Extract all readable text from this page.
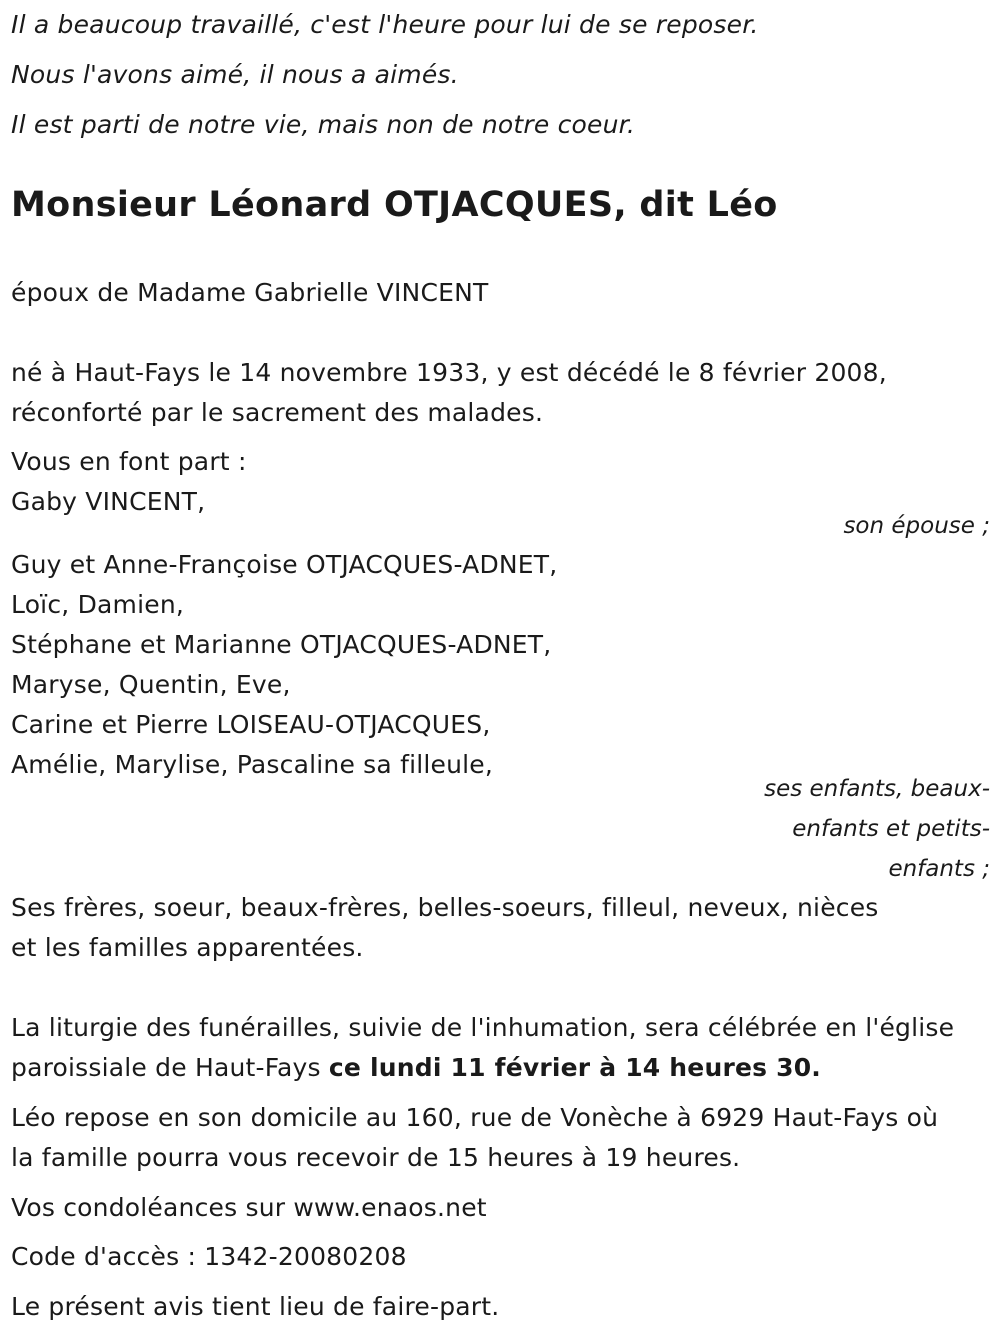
Il a beaucoup travaillé, c'est l'heure pour lui de se reposer.
Nous l'avons aimé, il nous a aimés.
Il est parti de notre vie, mais non de notre coeur.
Monsieur Léonard OTJACQUES, dit Léo
époux de Madame Gabrielle VINCENT
né à Haut-Fays le 14 novembre 1933, y est décédé le 8 février 2008,
réconforté par le sacrement des malades.
Vous en font part :
Gaby VINCENT,
son épouse ;
Guy et Anne-Françoise OTJACQUES-ADNET,
Loïc, Damien,
Stéphane et Marianne OTJACQUES-ADNET,
Maryse, Quentin, Eve,
Carine et Pierre LOISEAU-OTJACQUES,
Amélie, Marylise, Pascaline sa filleule,
ses enfants, beaux-
enfants et petits-
enfants ;
Ses frères, soeur, beaux-frères, belles-soeurs, filleul, neveux, nièces
et les familles apparentées.
La liturgie des funérailles, suivie de l'inhumation, sera célébrée en l'église
paroissiale de Haut-Fays ce lundi 11 février à 14 heures 30.
Léo repose en son domicile au 160, rue de Vonèche à 6929 Haut-Fays où
la famille pourra vous recevoir de 15 heures à 19 heures.
Vos condoléances sur www.enaos.net
Code d'accès : 1342-20080208
Le présent avis tient lieu de faire-part.
